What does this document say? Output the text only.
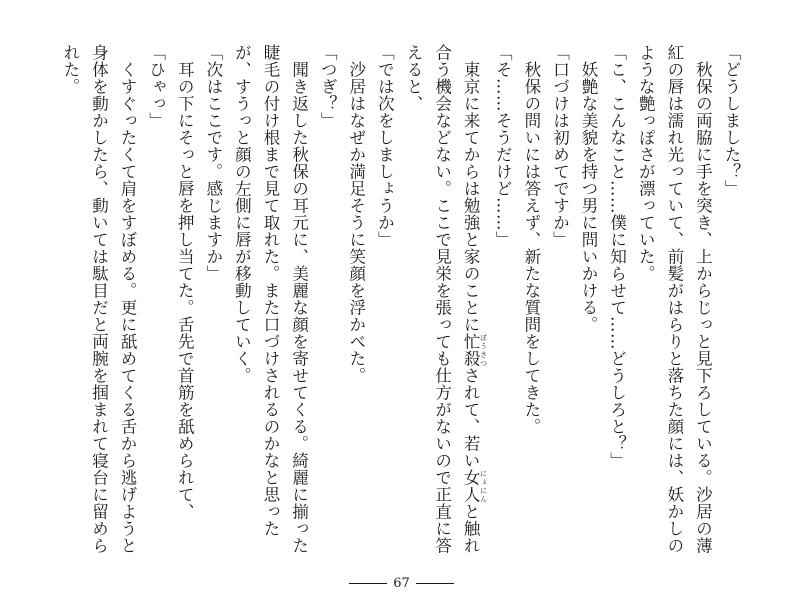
「どうしました？」

秋保の両脇に手を突き、上からじっと見下ろしている。沙居の薄紅の唇は濡れ光っていて、前髪がはらりと落ちた顔には、妖かしのような艶っぽさが漂っていた。

「こ、こんなこと……僕に知らせて……どうしろと？」

妖艶な美貌を持つ男に問いかける。

「口づけは初めてですか」

秋保の問いには答えず、新たな質問をしてきた。

「そ……そうだけど……」

東京に来てからは勉強と家のことに忙殺 ぼうさつされて、若い女人 にょにんと触れ合う機会などない。ここで見栄を張っても仕方がないので正直に答えると、

「では次をしましょうか」

沙居はなぜか満足そうに笑顔を浮かべた。

「つぎ？」

聞き返した秋保の耳元に、美麗な顔を寄せてくる。綺麗に揃った睫毛の付け根まで見て取れた。また口づけされるのかなと思ったが、すうっと顔の左側に唇が移動していく。

「次はここです。感じますか」

耳の下にそっと唇を押し当てた。舌先で首筋を舐められて、

「ひゃっ」

くすぐったくて肩をすぼめる。更に舐めてくる舌から逃げようと身体を動かしたら、動いては駄目だと両腕を掴まれて寝台に留められた。

67
